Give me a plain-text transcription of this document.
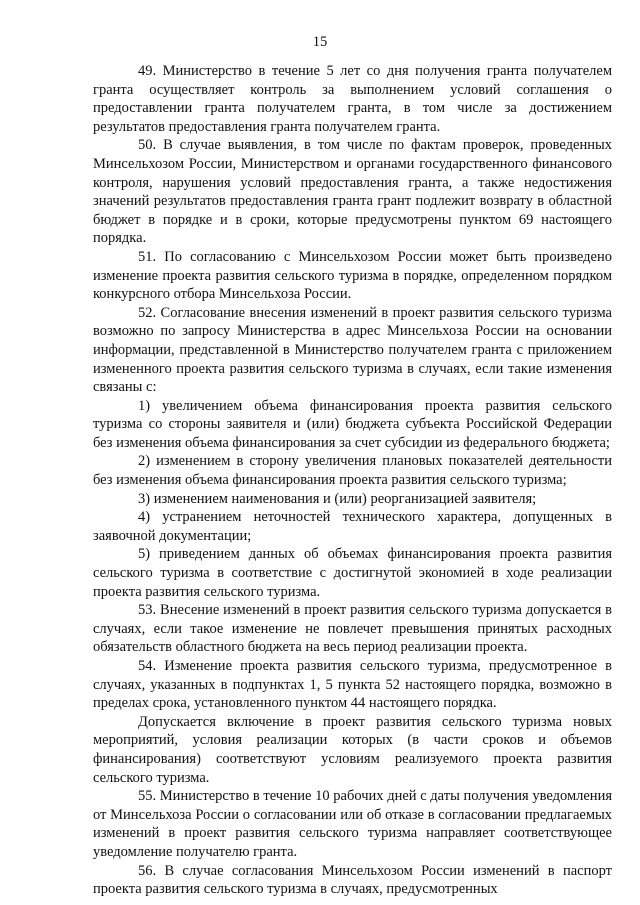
15

49. Министерство в течение 5 лет со дня получения гранта получателем гранта осуществляет контроль за выполнением условий соглашения о предоставлении гранта получателем гранта, в том числе за достижением результатов предоставления гранта получателем гранта.

50. В случае выявления, в том числе по фактам проверок, проведенных Минсельхозом России, Министерством и органами государственного финансового контроля, нарушения условий предоставления гранта, а также недостижения значений результатов предоставления гранта грант подлежит возврату в областной бюджет в порядке и в сроки, которые предусмотрены пунктом 69 настоящего порядка.

51. По согласованию с Минсельхозом России может быть произведено изменение проекта развития сельского туризма в порядке, определенном порядком конкурсного отбора Минсельхоза России.

52. Согласование внесения изменений в проект развития сельского туризма возможно по запросу Министерства в адрес Минсельхоза России на основании информации, представленной в Министерство получателем гранта с приложением измененного проекта развития сельского туризма в случаях, если такие изменения связаны с:

1) увеличением объема финансирования проекта развития сельского туризма со стороны заявителя и (или) бюджета субъекта Российской Федерации без изменения объема финансирования за счет субсидии из федерального бюджета;

2) изменением в сторону увеличения плановых показателей деятельности без изменения объема финансирования проекта развития сельского туризма;

3) изменением наименования и (или) реорганизацией заявителя;

4) устранением неточностей технического характера, допущенных в заявочной документации;

5) приведением данных об объемах финансирования проекта развития сельского туризма в соответствие с достигнутой экономией в ходе реализации проекта развития сельского туризма.

53. Внесение изменений в проект развития сельского туризма допускается в случаях, если такое изменение не повлечет превышения принятых расходных обязательств областного бюджета на весь период реализации проекта.

54. Изменение проекта развития сельского туризма, предусмотренное в случаях, указанных в подпунктах 1, 5 пункта 52 настоящего порядка, возможно в пределах срока, установленного пунктом 44 настоящего порядка.

Допускается включение в проект развития сельского туризма новых мероприятий, условия реализации которых (в части сроков и объемов финансирования) соответствуют условиям реализуемого проекта развития сельского туризма.

55. Министерство в течение 10 рабочих дней с даты получения уведомления от Минсельхоза России о согласовании или об отказе в согласовании предлагаемых изменений в проект развития сельского туризма направляет соответствующее уведомление получателю гранта.

56. В случае согласования Минсельхозом России изменений в паспорт проекта развития сельского туризма в случаях, предусмотренных
